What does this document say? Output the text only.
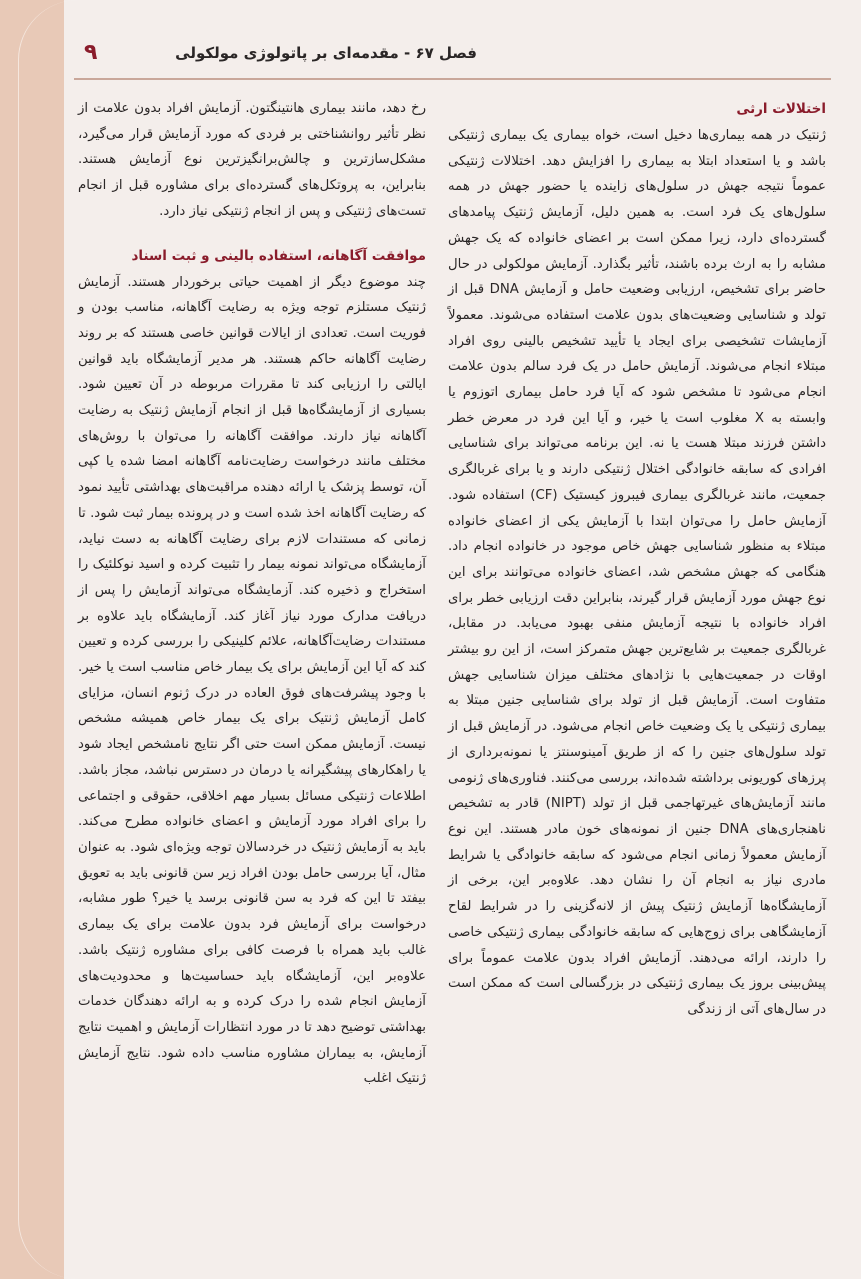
۹	فصل ۶۷ - مقدمه‌ای بر پاتولوژی مولکولی

اختلالات ارثی

ژنتیک در همه بیماری‌ها دخیل است، خواه بیماری یک بیماری ژنتیکی باشد و یا استعداد ابتلا به بیماری را افزایش دهد. اختلالات ژنتیکی عموماً نتیجه جهش در سلول‌های زاینده یا حضور جهش در همه سلول‌های یک فرد است. به همین دلیل، آزمایش ژنتیک پیامدهای گسترده‌ای دارد، زیرا ممکن است بر اعضای خانواده که یک جهش مشابه را به ارث برده باشند، تأثیر بگذارد. آزمایش مولکولی در حال حاضر برای تشخیص، ارزیابی وضعیت حامل و آزمایش DNA قبل از تولد و شناسایی وضعیت‌های بدون علامت استفاده می‌شوند. معمولاً آزمایشات تشخیصی برای ایجاد یا تأیید تشخیص بالینی روی افراد مبتلاء انجام می‌شوند. آزمایش حامل در یک فرد سالم بدون علامت انجام می‌شود تا مشخص شود که آیا فرد حامل بیماری اتوزوم یا وابسته به X مغلوب است یا خیر، و آیا این فرد در معرض خطر داشتن فرزند مبتلا هست یا نه. این برنامه می‌تواند برای شناسایی افرادی که سابقه خانوادگی اختلال ژنتیکی دارند و یا برای غربالگری جمعیت، مانند غربالگری بیماری فیبروز کیستیک (CF) استفاده شود. آزمایش حامل را می‌توان ابتدا با آزمایش یکی از اعضای خانواده مبتلاء به منظور شناسایی جهش خاص موجود در خانواده انجام داد. هنگامی که جهش مشخص شد، اعضای خانواده می‌توانند برای این نوع جهش مورد آزمایش قرار گیرند، بنابراین دقت ارزیابی خطر برای افراد خانواده با نتیجه آزمایش منفی بهبود می‌یابد. در مقابل، غربالگری جمعیت بر شایع‌ترین جهش متمرکز است، از این رو بیشتر اوقات در جمعیت‌هایی با نژادهای مختلف میزان شناسایی جهش متفاوت است. آزمایش قبل از تولد برای شناسایی جنین مبتلا به بیماری ژنتیکی یا یک وضعیت خاص انجام می‌شود. در آزمایش قبل از تولد سلول‌های جنین را که از طریق آمینوسنتز یا نمونه‌برداری از پرزهای کوریونی برداشته شده‌اند، بررسی می‌کنند. فناوری‌های ژنومی مانند آزمایش‌های غیرتهاجمی قبل از تولد (NIPT) قادر به تشخیص ناهنجاری‌های DNA جنین از نمونه‌های خون مادر هستند. این نوع آزمایش معمولاً زمانی انجام می‌شود که سابقه خانوادگی یا شرایط مادری نیاز به انجام آن را نشان دهد. علاوه‌بر این، برخی از آزمایشگاه‌ها آزمایش ژنتیک پیش از لانه‌گزینی را در شرایط لقاح آزمایشگاهی برای زوج‌هایی که سابقه خانوادگی بیماری ژنتیکی خاصی را دارند، ارائه می‌دهند. آزمایش افراد بدون علامت عموماً برای پیش‌بینی بروز یک بیماری ژنتیکی در بزرگسالی است که ممکن است در سال‌های آتی از زندگی

رخ دهد، مانند بیماری هانتینگتون. آزمایش افراد بدون علامت از نظر تأثیر روانشناختی بر فردی که مورد آزمایش قرار می‌گیرد، مشکل‌سازترین و چالش‌برانگیزترین نوع آزمایش هستند. بنابراین، به پروتکل‌های گسترده‌ای برای مشاوره قبل از انجام تست‌های ژنتیکی و پس از انجام ژنتیکی نیاز دارد.

موافقت آگاهانه، استفاده بالینی و ثبت اسناد

چند موضوع دیگر از اهمیت حیاتی برخوردار هستند. آزمایش ژنتیک مستلزم توجه ویژه به رضایت آگاهانه، مناسب بودن و فوریت است. تعدادی از ایالات قوانین خاصی هستند که بر روند رضایت آگاهانه حاکم هستند. هر مدیر آزمایشگاه باید قوانین ایالتی را ارزیابی کند تا مقررات مربوطه در آن تعیین شود. بسیاری از آزمایشگاه‌ها قبل از انجام آزمایش ژنتیک به رضایت آگاهانه نیاز دارند. موافقت آگاهانه را می‌توان با روش‌های مختلف مانند درخواست رضایت‌نامه آگاهانه امضا شده یا کپی آن، توسط پزشک یا ارائه دهنده مراقبت‌های بهداشتی تأیید نمود که رضایت آگاهانه اخذ شده است و در پرونده بیمار ثبت شود. تا زمانی که مستندات لازم برای رضایت آگاهانه به دست نیاید، آزمایشگاه می‌تواند نمونه بیمار را تثبیت کرده و اسید نوکلئیک را استخراج و ذخیره کند. آزمایشگاه می‌تواند آزمایش را پس از دریافت مدارک مورد نیاز آغاز کند. آزمایشگاه باید علاوه بر مستندات رضایت‌آگاهانه، علائم کلینیکی را بررسی کرده و تعیین کند که آیا این آزمایش برای یک بیمار خاص مناسب است یا خیر. با وجود پیشرفت‌های فوق العاده در درک ژنوم انسان، مزایای کامل آزمایش ژنتیک برای یک بیمار خاص همیشه مشخص نیست. آزمایش ممکن است حتی اگر نتایج نامشخص ایجاد شود یا راهکارهای پیشگیرانه یا درمان در دسترس نباشد، مجاز باشد. اطلاعات ژنتیکی مسائل بسیار مهم اخلاقی، حقوقی و اجتماعی را برای افراد مورد آزمایش و اعضای خانواده مطرح می‌کند. باید به آزمایش ژنتیک در خردسالان توجه ویژه‌ای شود. به عنوان مثال، آیا بررسی حامل بودن افراد زیر سن قانونی باید به تعویق بیفتد تا این که فرد به سن قانونی برسد یا خیر؟ طور مشابه، درخواست برای آزمایش فرد بدون علامت برای یک بیماری غالب باید همراه با فرصت کافی برای مشاوره ژنتیک باشد. علاوه‌بر این، آزمایشگاه باید حساسیت‌ها و محدودیت‌های آزمایش انجام شده را درک کرده و به ارائه دهندگان خدمات بهداشتی توضیح دهد تا در مورد انتظارات آزمایش و اهمیت نتایج آزمایش، به بیماران مشاوره مناسب داده شود. نتایج آزمایش ژنتیک اغلب
